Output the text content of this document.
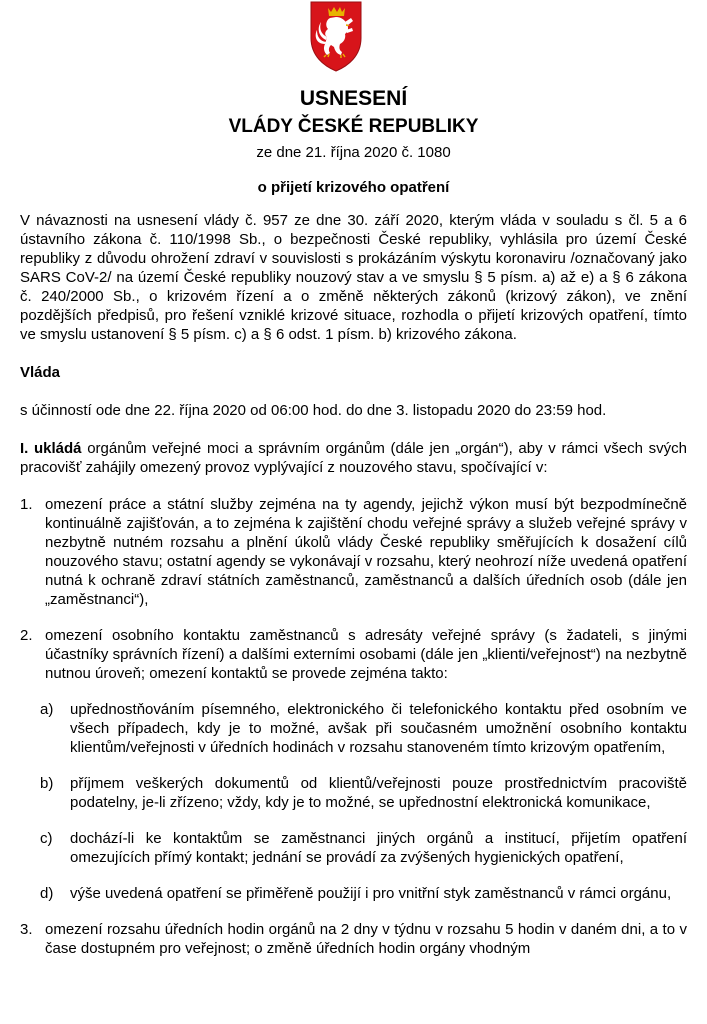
USNESENÍ
VLÁDY ČESKÉ REPUBLIKY
ze dne 21. října 2020 č. 1080
o přijetí krizového opatření

V návaznosti na usnesení vlády č. 957 ze dne 30. září 2020, kterým vláda v souladu s čl. 5 a 6 ústavního zákona č. 110/1998 Sb., o bezpečnosti České republiky, vyhlásila pro území České republiky z důvodu ohrožení zdraví v souvislosti s prokázáním výskytu koronaviru /označovaný jako SARS CoV-2/ na území České republiky nouzový stav a ve smyslu § 5 písm. a) až e) a § 6 zákona č. 240/2000 Sb., o krizovém řízení a o změně některých zákonů (krizový zákon), ve znění pozdějších předpisů, pro řešení vzniklé krizové situace, rozhodla o přijetí krizových opatření, tímto ve smyslu ustanovení § 5 písm. c) a § 6 odst. 1 písm. b) krizového zákona.

Vláda

s účinností ode dne 22. října 2020 od 06:00 hod. do dne 3. listopadu 2020 do 23:59 hod.

I. ukládá orgánům veřejné moci a správním orgánům (dále jen „orgán“), aby v rámci všech svých pracovišť zahájily omezený provoz vyplývající z nouzového stavu, spočívající v:

1. omezení práce a státní služby zejména na ty agendy, jejichž výkon musí být bezpodmínečně kontinuálně zajišťován, a to zejména k zajištění chodu veřejné správy a služeb veřejné správy v nezbytně nutném rozsahu a plnění úkolů vlády České republiky směřujících k dosažení cílů nouzového stavu; ostatní agendy se vykonávají v rozsahu, který neohrozí níže uvedená opatření nutná k ochraně zdraví státních zaměstnanců, zaměstnanců a dalších úředních osob (dále jen „zaměstnanci“),
2. omezení osobního kontaktu zaměstnanců s adresáty veřejné správy (s žadateli, s jinými účastníky správních řízení) a dalšími externími osobami (dále jen „klienti/veřejnost“) na nezbytně nutnou úroveň; omezení kontaktů se provede zejména takto:
a) upřednostňováním písemného, elektronického či telefonického kontaktu před osobním ve všech případech, kdy je to možné, avšak při současném umožnění osobního kontaktu klientům/veřejnosti v úředních hodinách v rozsahu stanoveném tímto krizovým opatřením,
b) příjmem veškerých dokumentů od klientů/veřejnosti pouze prostřednictvím pracoviště podatelny, je-li zřízeno; vždy, kdy je to možné, se upřednostní elektronická komunikace,
c) dochází-li ke kontaktům se zaměstnanci jiných orgánů a institucí, přijetím opatření omezujících přímý kontakt; jednání se provádí za zvýšených hygienických opatření,
d) výše uvedená opatření se přiměřeně použijí i pro vnitřní styk zaměstnanců v rámci orgánu,
3. omezení rozsahu úředních hodin orgánů na 2 dny v týdnu v rozsahu 5 hodin v daném dni, a to v čase dostupném pro veřejnost; o změně úředních hodin orgány vhodným
